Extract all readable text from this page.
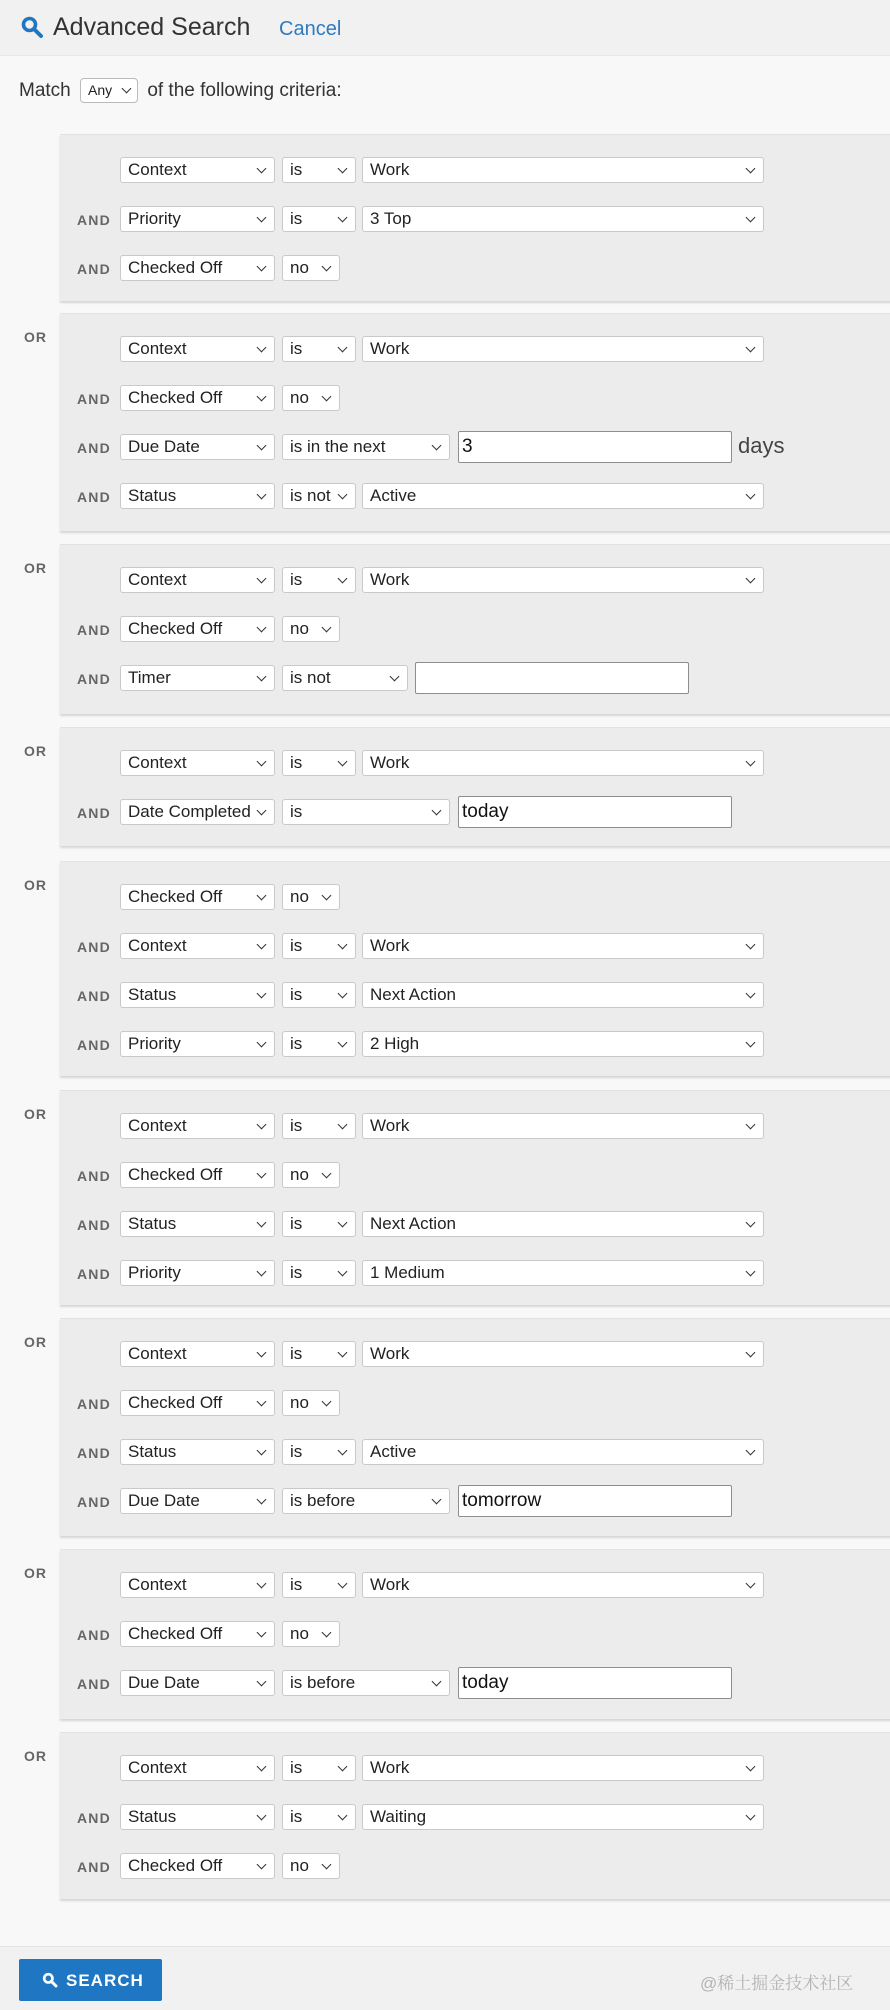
Advanced Search Cancel
Match Any of the following criteria:
Context	is	Work
AND	Priority	is	3 Top
AND	Checked Off	no
OR
Context	is	Work
AND	Checked Off	no
AND	Due Date	is in the next	3	days
AND	Status	is not	Active
OR
Context	is	Work
AND	Checked Off	no
AND	Timer	is not
OR
Context	is	Work
AND	Date Completed	is	today
OR
Checked Off	no
AND	Context	is	Work
AND	Status	is	Next Action
AND	Priority	is	2 High
OR
Context	is	Work
AND	Checked Off	no
AND	Status	is	Next Action
AND	Priority	is	1 Medium
OR
Context	is	Work
AND	Checked Off	no
AND	Status	is	Active
AND	Due Date	is before	tomorrow
OR
Context	is	Work
AND	Checked Off	no
AND	Due Date	is before	today
OR
Context	is	Work
AND	Status	is	Waiting
AND	Checked Off	no
SEARCH	@稀土掘金技术社区
